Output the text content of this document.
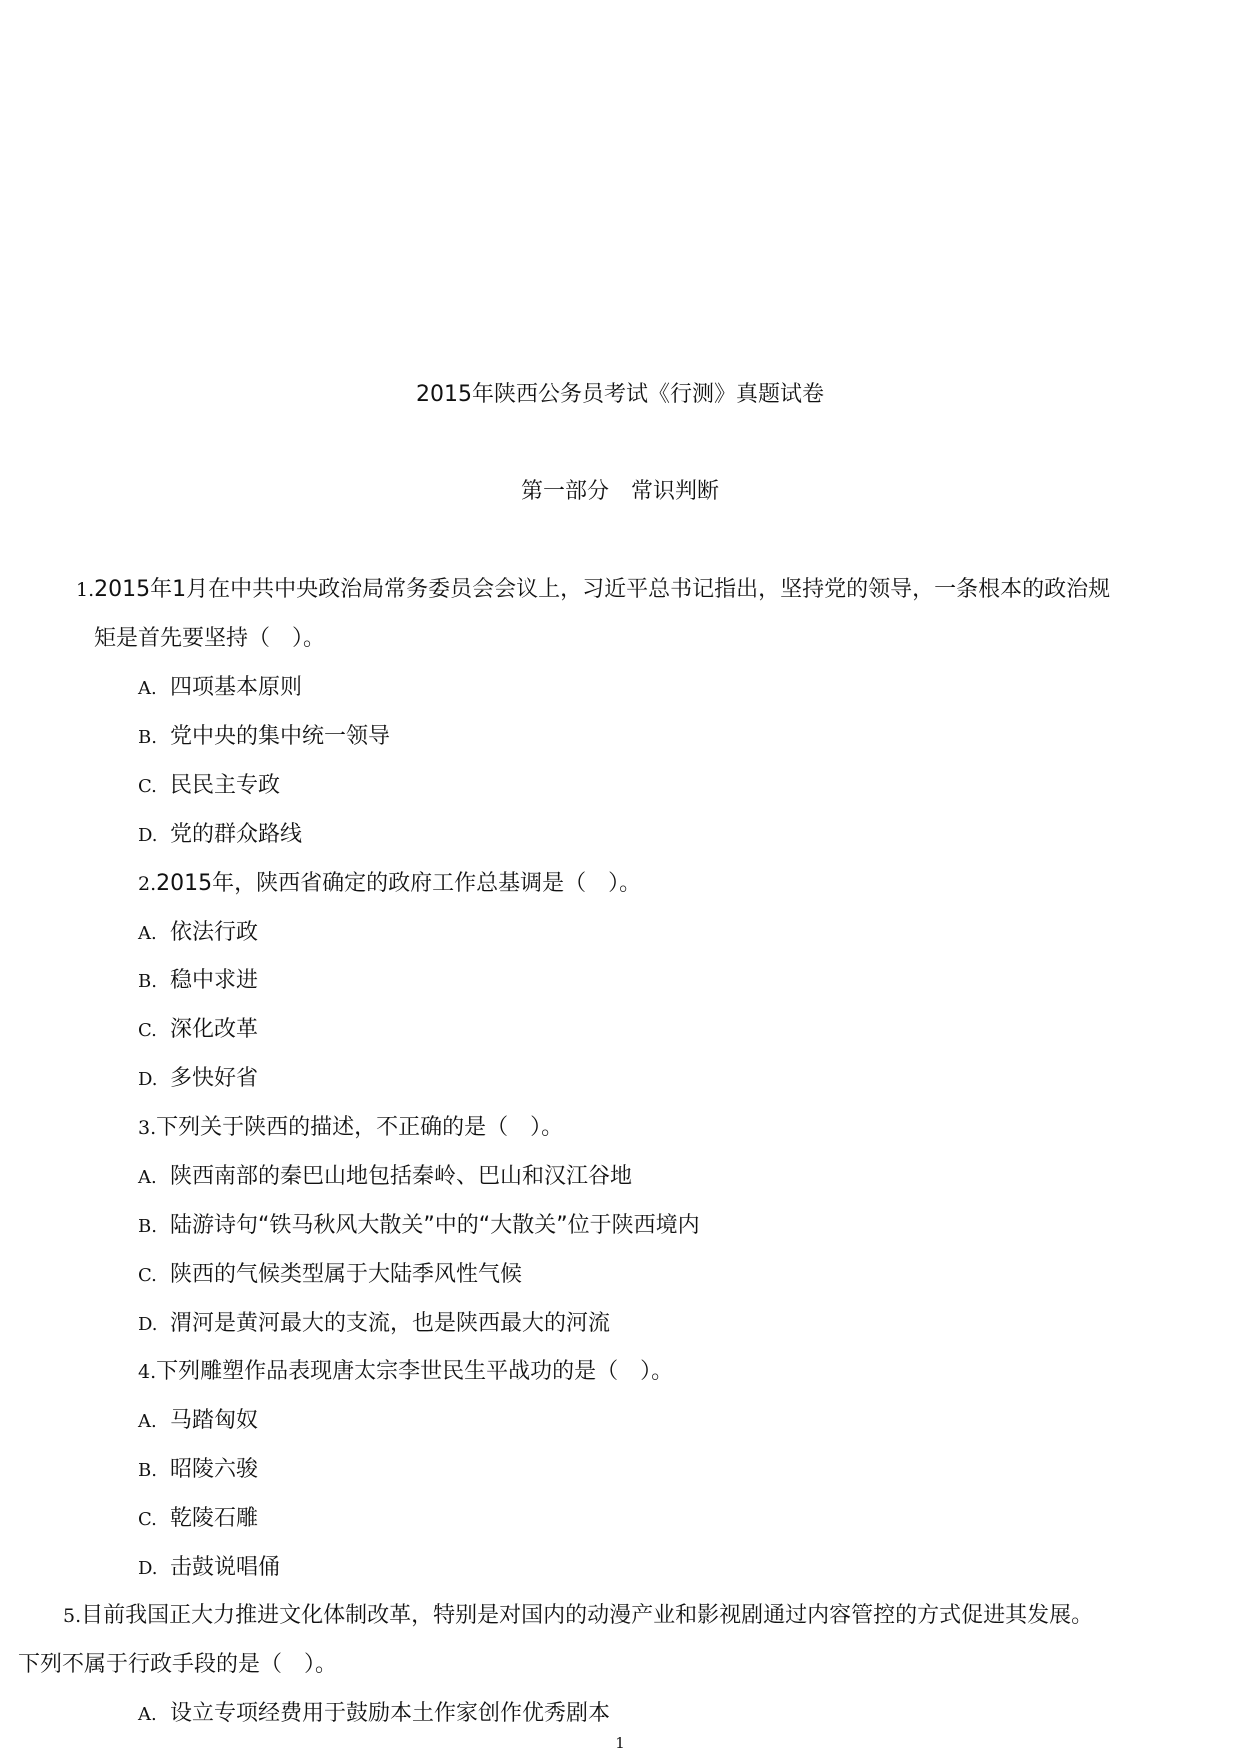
2015年陕西公务员考试《行测》真题试卷
第一部分　常识判断
1.2015年1月在中共中央政治局常务委员会会议上，习近平总书记指出，坚持党的领导，一条根本的政治规
矩是首先要坚持（　）。
A. 四项基本原则
B. 党中央的集中统一领导
C. 民民主专政
D. 党的群众路线
2.2015年，陕西省确定的政府工作总基调是（　）。
A. 依法行政
B. 稳中求进
C. 深化改革
D. 多快好省
3.下列关于陕西的描述，不正确的是（　）。
A. 陕西南部的秦巴山地包括秦岭、巴山和汉江谷地
B. 陆游诗句“铁马秋风大散关”中的“大散关”位于陕西境内
C. 陕西的气候类型属于大陆季风性气候
D. 渭河是黄河最大的支流，也是陕西最大的河流
4.下列雕塑作品表现唐太宗李世民生平战功的是（　）。
A. 马踏匈奴
B. 昭陵六骏
C. 乾陵石雕
D. 击鼓说唱俑
5.目前我国正大力推进文化体制改革，特别是对国内的动漫产业和影视剧通过内容管控的方式促进其发展。
下列不属于行政手段的是（　）。
A. 设立专项经费用于鼓励本土作家创作优秀剧本
1
